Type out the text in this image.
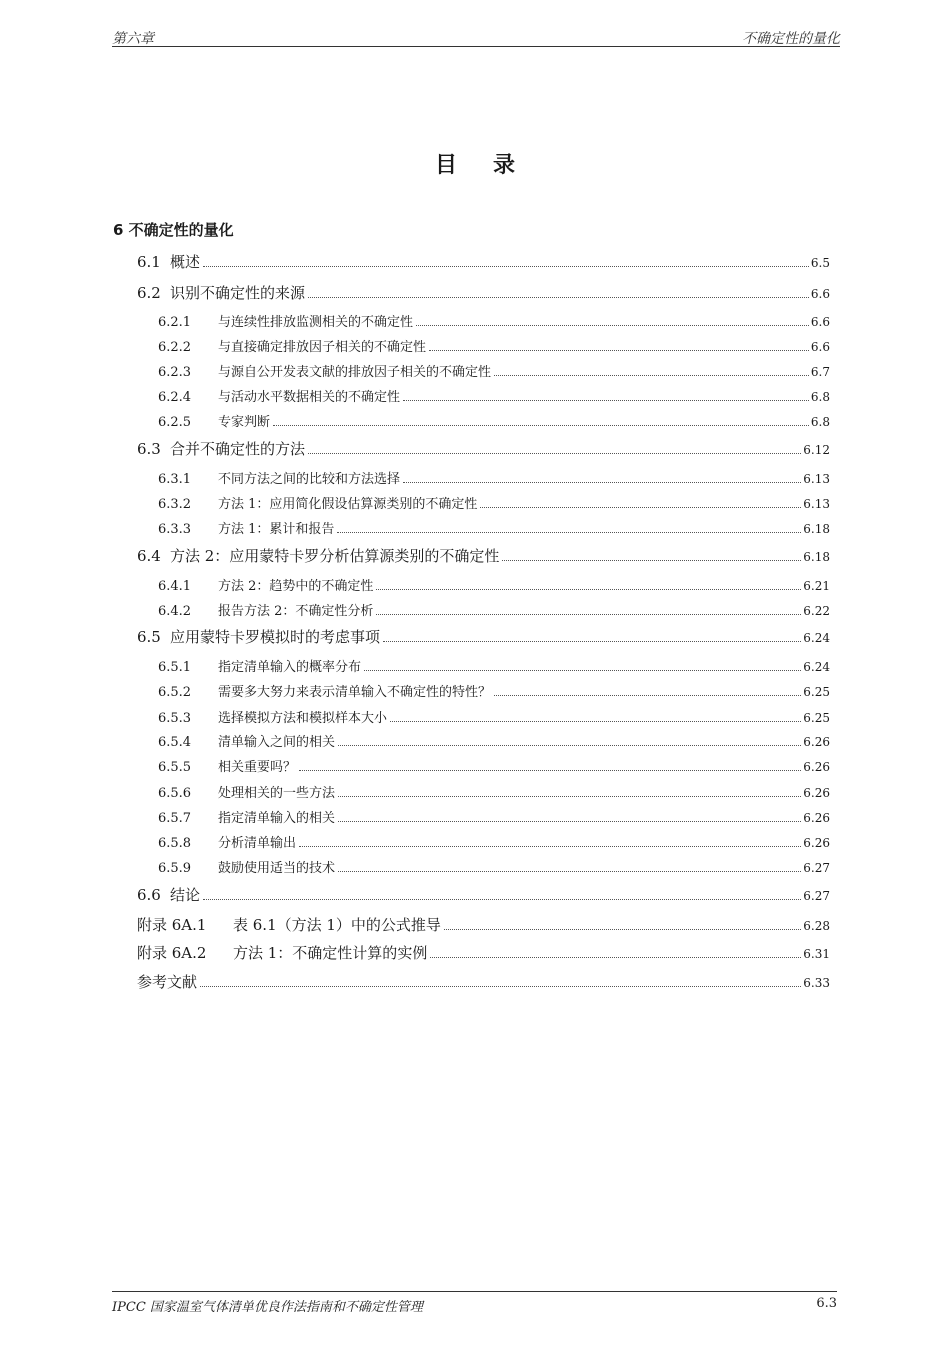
第六章	不确定性的量化
目录
6 不确定性的量化
6.1 概述	6.5
6.2 识别不确定性的来源	6.6
6.2.1	与连续性排放监测相关的不确定性	6.6
6.2.2	与直接确定排放因子相关的不确定性	6.6
6.2.3	与源自公开发表文献的排放因子相关的不确定性	6.7
6.2.4	与活动水平数据相关的不确定性	6.8
6.2.5	专家判断	6.8
6.3 合并不确定性的方法	6.12
6.3.1	不同方法之间的比较和方法选择	6.13
6.3.2	方法 1：应用简化假设估算源类别的不确定性	6.13
6.3.3	方法 1：累计和报告	6.18
6.4 方法 2：应用蒙特卡罗分析估算源类别的不确定性	6.18
6.4.1	方法 2：趋势中的不确定性	6.21
6.4.2	报告方法 2：不确定性分析	6.22
6.5 应用蒙特卡罗模拟时的考虑事项	6.24
6.5.1	指定清单输入的概率分布	6.24
6.5.2	需要多大努力来表示清单输入不确定性的特性？	6.25
6.5.3	选择模拟方法和模拟样本大小	6.25
6.5.4	清单输入之间的相关	6.26
6.5.5	相关重要吗？	6.26
6.5.6	处理相关的一些方法	6.26
6.5.7	指定清单输入的相关	6.26
6.5.8	分析清单输出	6.26
6.5.9	鼓励使用适当的技术	6.27
6.6 结论	6.27
附录 6A.1	表 6.1（方法 1）中的公式推导	6.28
附录 6A.2	方法 1：不确定性计算的实例	6.31
参考文献	6.33
IPCC 国家温室气体清单优良作法指南和不确定性管理	6.3
